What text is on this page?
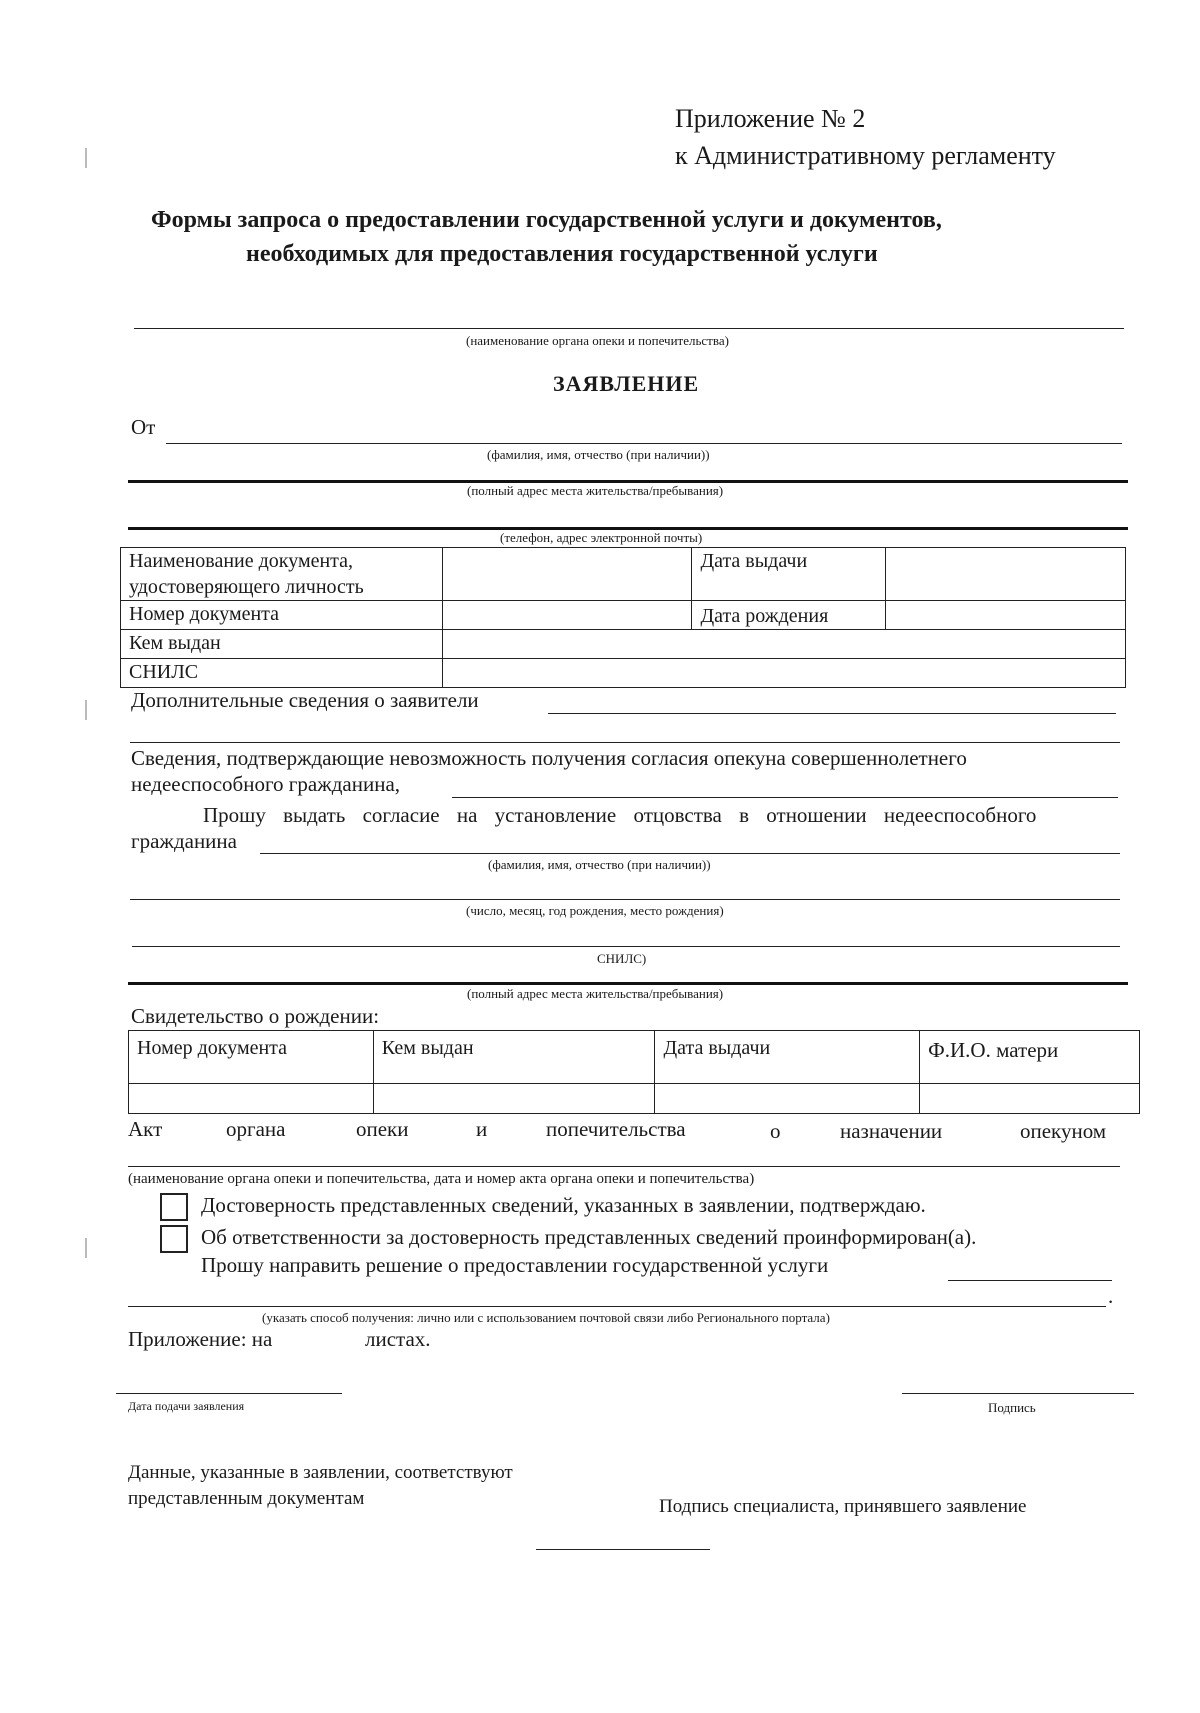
Приложение № 2
к Административному регламенту
Формы запроса о предоставлении государственной услуги и документов,
необходимых для предоставления государственной услуги
(наименование органа опеки и попечительства)
ЗАЯВЛЕНИЕ
От
(фамилия, имя, отчество (при наличии))
(полный адрес места жительства/пребывания)
(телефон, адрес электронной почты)
Наименование документа,
удостоверяющего личность		Дата выдачи	
Номер документа		Дата рождения	
Кем выдан			
СНИЛС			
Дополнительные сведения о заявители
Сведения, подтверждающие невозможность получения согласия опекуна совершеннолетнего
недееспособного гражданина,
Прошу выдать согласие на установление отцовства в отношении недееспособного
гражданина
(фамилия, имя, отчество (при наличии))
(число, месяц, год рождения, место рождения)
СНИЛС)
(полный адрес места жительства/пребывания)
Свидетельство о рождении:
Номер документа	Кем выдан	Дата выдачи	Ф.И.О. матери

Акт	органа	опеки	и	попечительства	о	назначении	опекуном
(наименование органа опеки и попечительства, дата и номер акта органа опеки и попечительства)
Достоверность представленных сведений, указанных в заявлении, подтверждаю.
Об ответственности за достоверность представленных сведений проинформирован(а).
Прошу направить решение о предоставлении государственной услуги
.
(указать способ получения: лично или с использованием почтовой связи либо Регионального портала)
Приложение: на	листах.
Дата подачи заявления	Подпись
Данные, указанные в заявлении, соответствуют
представленным документам	Подпись специалиста, принявшего заявление
